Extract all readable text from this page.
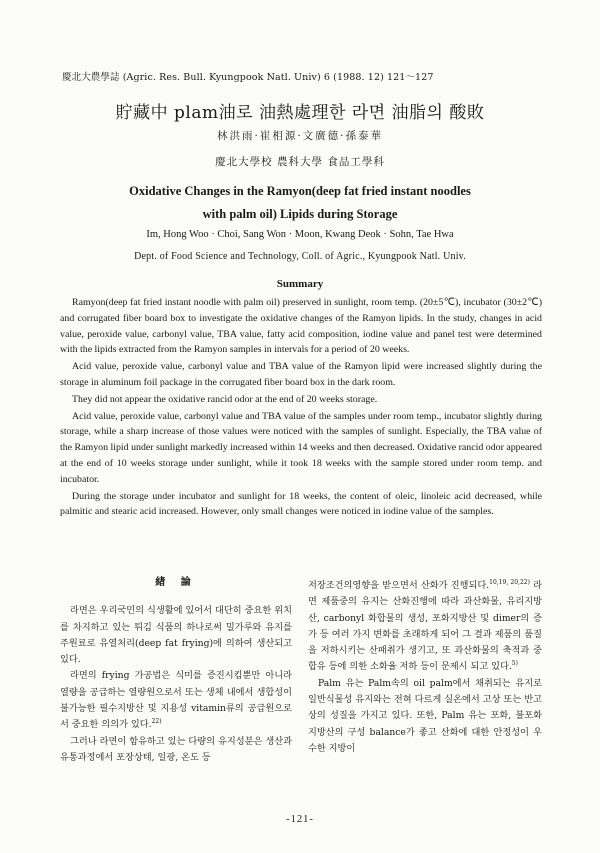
慶北大農學誌 (Agric. Res. Bull. Kyungpook Natl. Univ) 6 (1988. 12) 121～127
貯藏中 plam油로 油熱處理한 라면 油脂의 酸敗
林洪雨·崔相源·文廣德·孫泰華
慶北大學校 農科大學 食品工學科
Oxidative Changes in the Ramyon(deep fat fried instant noodles
with palm oil) Lipids during Storage
Im, Hong Woo · Choi, Sang Won · Moon, Kwang Deok · Sohn, Tae Hwa
Dept. of Food Science and Technology, Coll. of Agric., Kyungpook Natl. Univ.
Summary

Ramyon(deep fat fried instant noodle with palm oil) preserved in sunlight, room temp. (20±5℃), incubator (30±2℃) and corrugated fiber board box to investigate the oxidative changes of the Ramyon lipids. In the study, changes in acid value, peroxide value, carbonyl value, TBA value, fatty acid composition, iodine value and panel test were determined with the lipids extracted from the Ramyon samples in intervals for a period of 20 weeks.

Acid value, peroxide value, carbonyl value and TBA value of the Ramyon lipid were increased slightly during the storage in aluminum foil package in the corrugated fiber board box in the dark room.

They did not appear the oxidative rancid odor at the end of 20 weeks storage.

Acid value, peroxide value, carbonyl value and TBA value of the samples under room temp., incubator slightly during storage, while a sharp increase of those values were noticed with the samples of sunlight. Especially, the TBA value of the Ramyon lipid under sunlight markedly increased within 14 weeks and then decreased. Oxidative rancid odor appeared at the end of 10 weeks storage under sunlight, while it took 18 weeks with the sample stored under room temp. and incubator.

During the storage under incubator and sunlight for 18 weeks, the content of oleic, linoleic acid decreased, while palmitic and stearic acid increased. However, only small changes were noticed in iodine value of the samples.

緖 論

라면은 우리국민의 식생활에 있어서 대단히 중요한 위치를 차지하고 있는 튀김 식품의 하나로써 밀가루와 유지를 주원료로 유열처리(deep fat frying)에 의하여 생산되고 있다.

라면의 frying 가공법은 식미를 증진시킴뿐만 아니라 열량을 공급하는 열량원으로서 또는 생체 내에서 생합성이 불가능한 필수지방산 및 지용성 vitamin류의 공급원으로서 중요한 의의가 있다.$^{22)}$

그러나 라면이 함유하고 있는 다량의 유지성분은 생산과 유통과정에서 포장상태, 일광, 온도 등

저장조건의영향을 받으면서 산화가 진행되다.$^{10,19, 20,22)}$ 라면 제품중의 유지는 산화진행에 따라 과산화물, 유리지방산, carbonyl 화합물의 생성, 포화지방산 및 dimer의 증가 등 여러 가지 변화를 초래하게 되어 그 결과 제품의 품질을 저하시키는 산패취가 생기고, 또 과산화물의 축적과 중합유 등에 의한 소화율 저하 등이 문제시 되고 있다.$^{5)}$

Palm 유는 Palm속의 oil palm에서 채취되는 유지로 일반식물성 유지와는 전혀 다르게 실온에서 고상 또는 반고상의 성질을 가지고 있다. 또한, Palm 유는 포화, 불포화 지방산의 구성 balance가 좋고 산화에 대한 안정성이 우수한 지방이

-121-
